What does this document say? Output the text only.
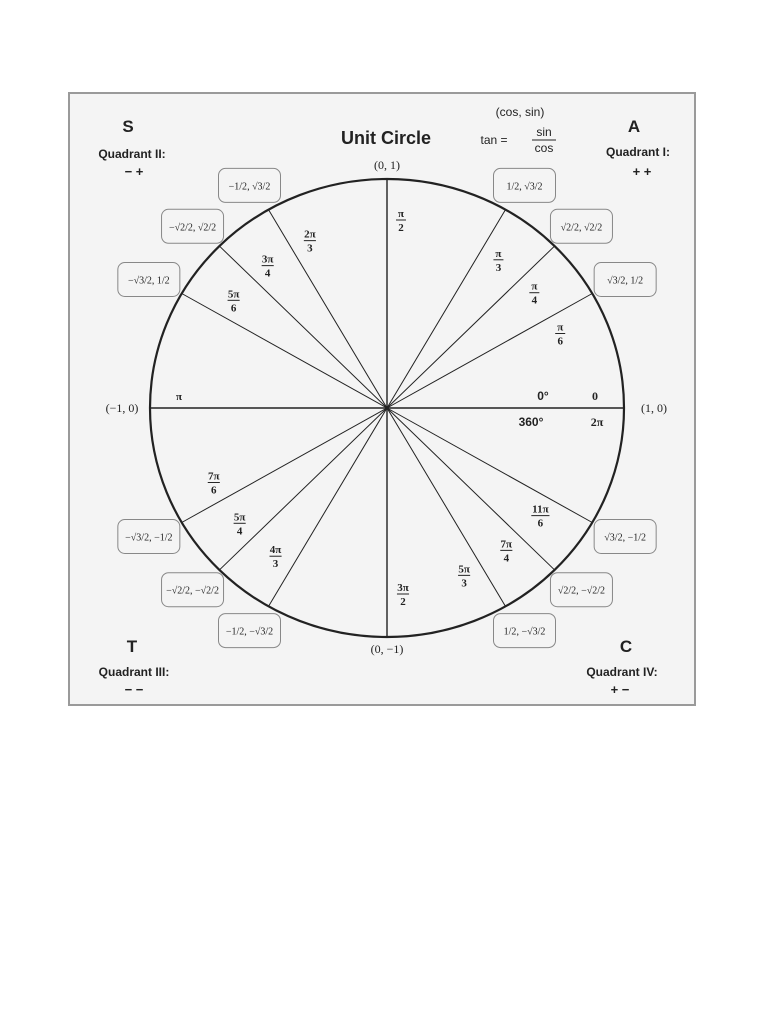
S
Quadrant II:
− +
A
Quadrant I:
+ +
T
Quadrant III:
− −
C
Quadrant IV:
+ −
Unit Circle
(cos, sin)
tan =
sin
cos
π
6
√3/2, 1/2
π
4
√2/2, √2/2
π
3
1/2, √3/2
π
2
2π
3
−1/2, √3/2
3π
4
−√2/2, √2/2
5π
6
−√3/2, 1/2
π
7π
6
−√3/2, −1/2
5π
4
−√2/2, −√2/2
4π
3
−1/2, −√3/2
3π
2
5π
3
1/2, −√3/2
7π
4
√2/2, −√2/2
11π
6
√3/2, −1/2
0°	0
360°	2π
(1, 0)
(0, 1)
(−1, 0)
(0, −1)
